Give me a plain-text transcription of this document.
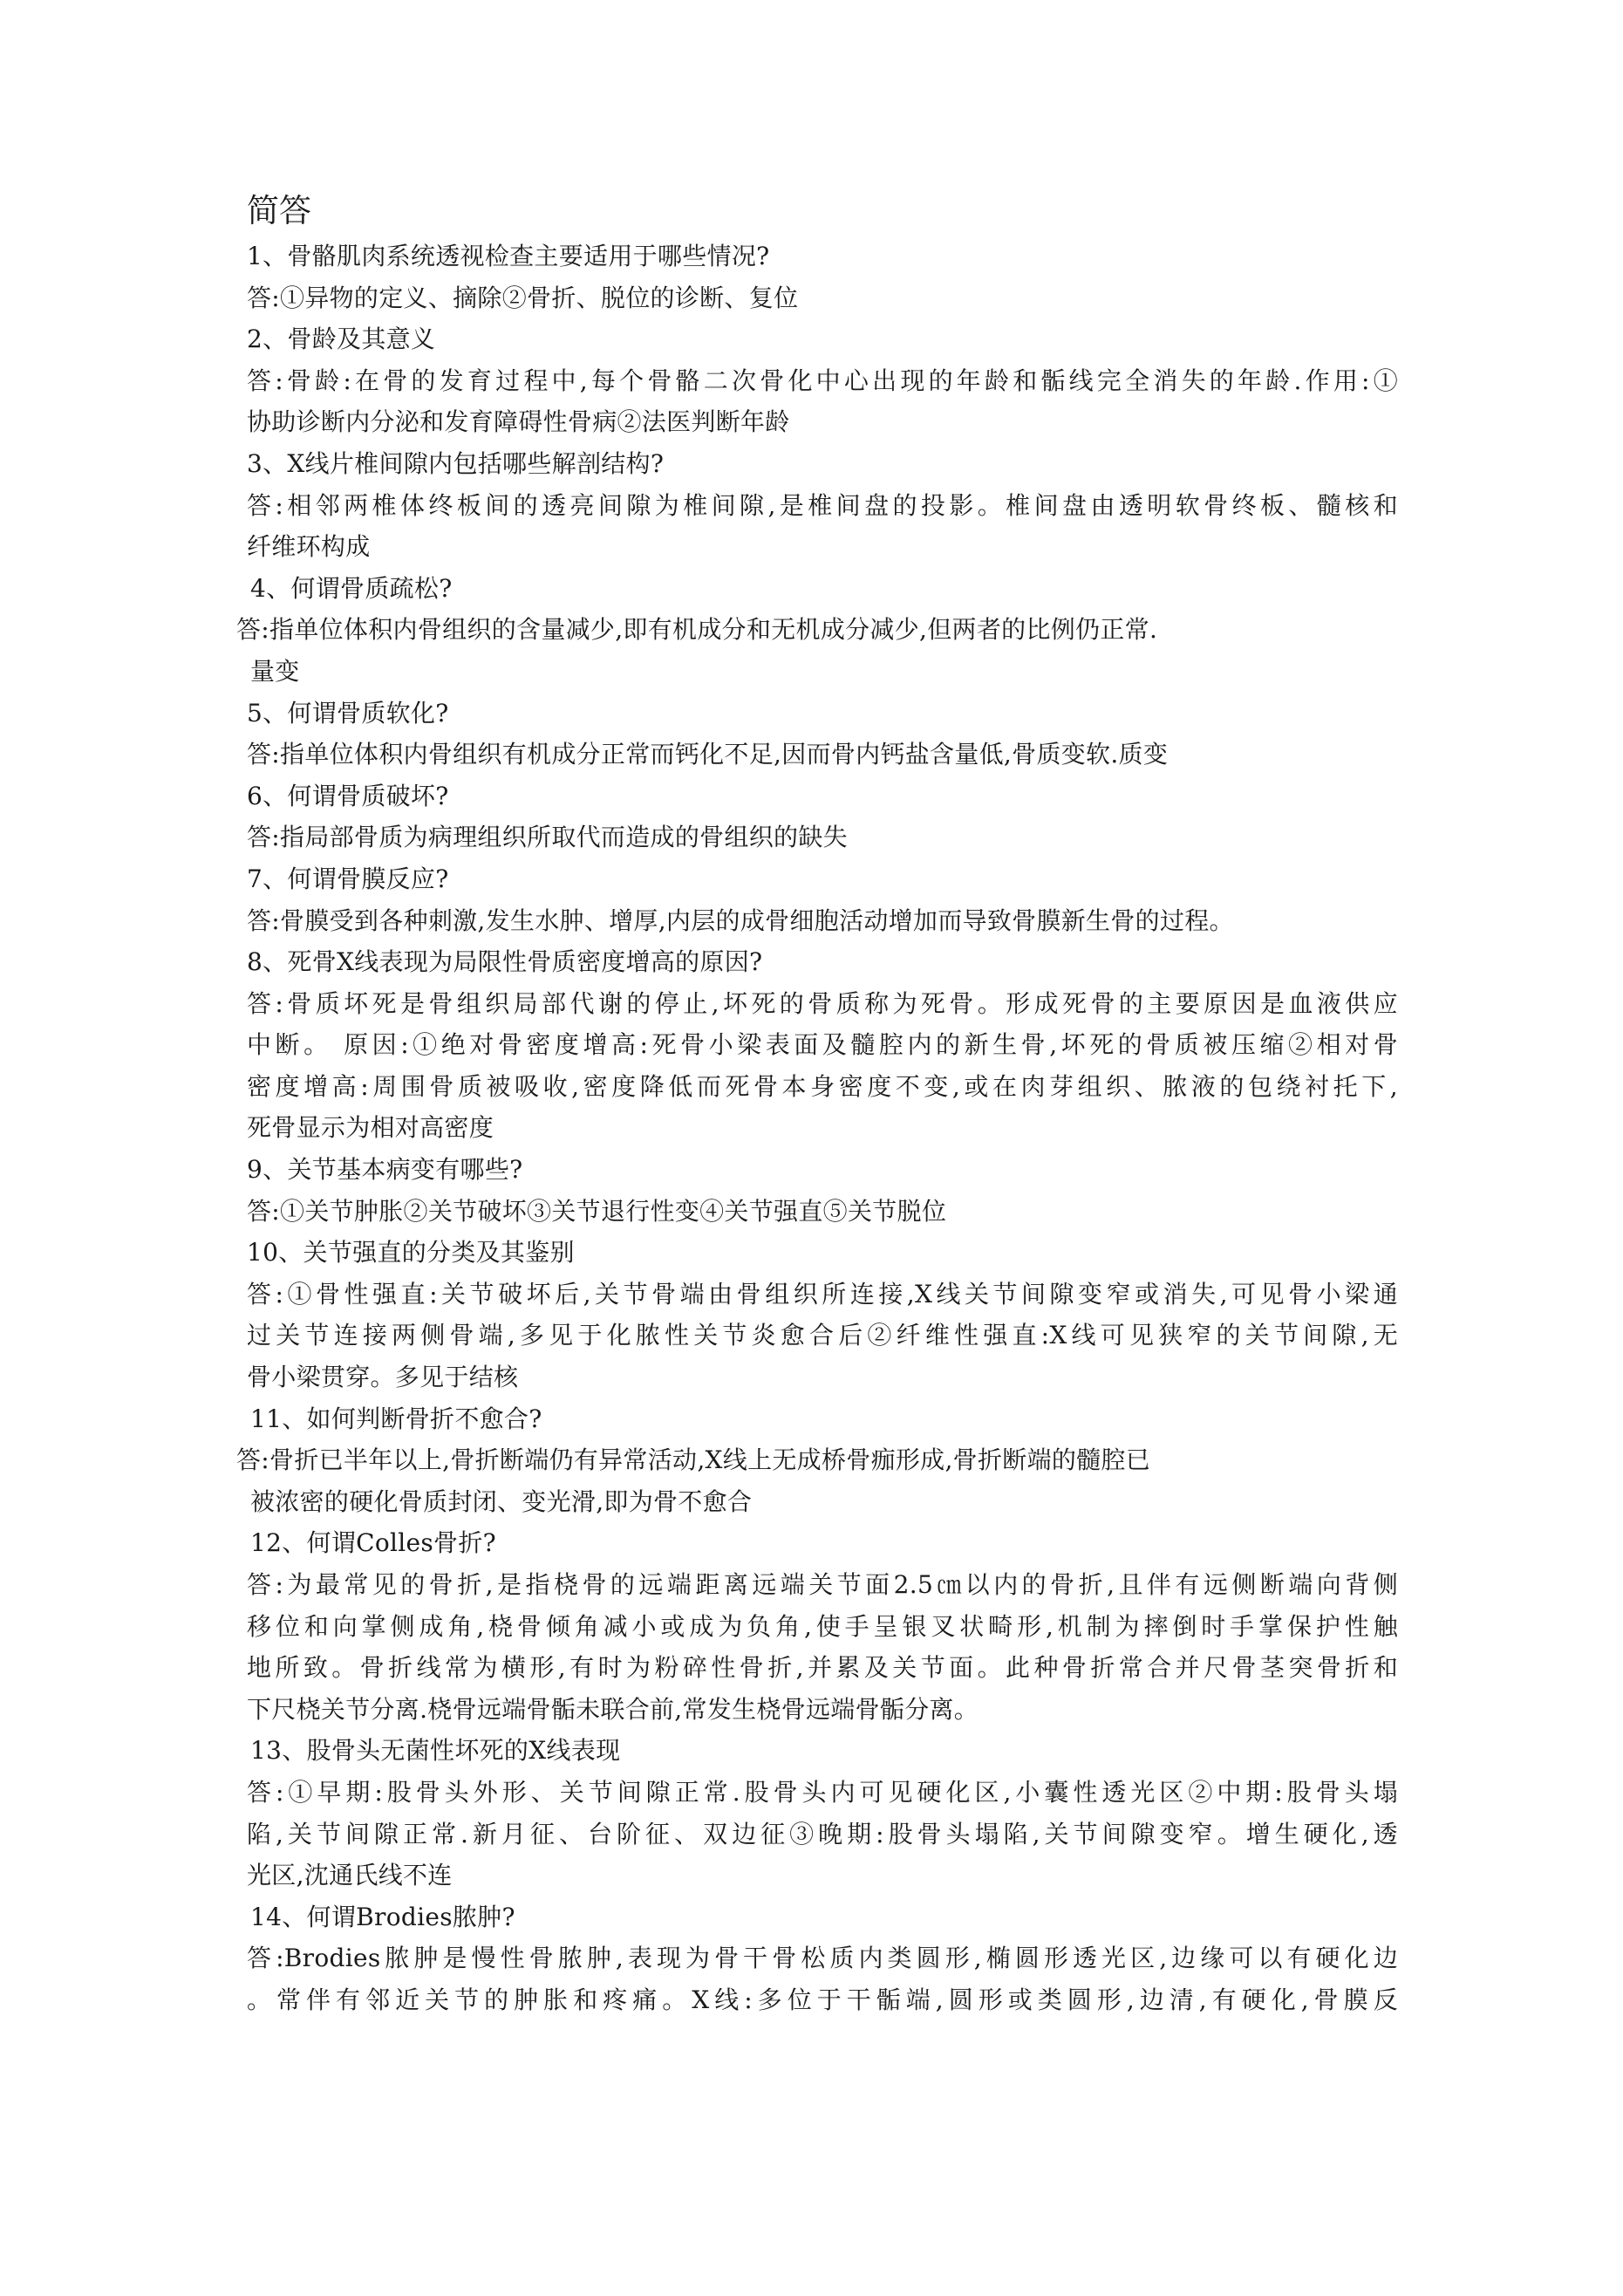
简答
1、骨骼肌肉系统透视检查主要适用于哪些情况?
答:①异物的定义、摘除②骨折、脱位的诊断、复位
2、骨龄及其意义
答:骨龄:在骨的发育过程中,每个骨骼二次骨化中心出现的年龄和骺线完全消失的年龄.作用:①
协助诊断内分泌和发育障碍性骨病②法医判断年龄
3、X线片椎间隙内包括哪些解剖结构?
答:相邻两椎体终板间的透亮间隙为椎间隙,是椎间盘的投影。椎间盘由透明软骨终板、髓核和
纤维环构成
4、何谓骨质疏松?
答:指单位体积内骨组织的含量减少,即有机成分和无机成分减少,但两者的比例仍正常.
量变
5、何谓骨质软化?
答:指单位体积内骨组织有机成分正常而钙化不足,因而骨内钙盐含量低,骨质变软.质变
6、何谓骨质破坏?
答:指局部骨质为病理组织所取代而造成的骨组织的缺失
7、何谓骨膜反应?
答:骨膜受到各种刺激,发生水肿、增厚,内层的成骨细胞活动增加而导致骨膜新生骨的过程。
8、死骨X线表现为局限性骨质密度增高的原因?
答:骨质坏死是骨组织局部代谢的停止,坏死的骨质称为死骨。形成死骨的主要原因是血液供应
中断。 原因:①绝对骨密度增高:死骨小梁表面及髓腔内的新生骨,坏死的骨质被压缩②相对骨
密度增高:周围骨质被吸收,密度降低而死骨本身密度不变,或在肉芽组织、脓液的包绕衬托下,
死骨显示为相对高密度
9、关节基本病变有哪些?
答:①关节肿胀②关节破坏③关节退行性变④关节强直⑤关节脱位
10、关节强直的分类及其鉴别
答:①骨性强直:关节破坏后,关节骨端由骨组织所连接,X线关节间隙变窄或消失,可见骨小梁通
过关节连接两侧骨端,多见于化脓性关节炎愈合后②纤维性强直:X线可见狭窄的关节间隙,无
骨小梁贯穿。多见于结核
11、如何判断骨折不愈合?
答:骨折已半年以上,骨折断端仍有异常活动,X线上无成桥骨痂形成,骨折断端的髓腔已
被浓密的硬化骨质封闭、变光滑,即为骨不愈合
12、何谓Colles骨折?
答:为最常见的骨折,是指桡骨的远端距离远端关节面2.5㎝以内的骨折,且伴有远侧断端向背侧
移位和向掌侧成角,桡骨倾角减小或成为负角,使手呈银叉状畸形,机制为摔倒时手掌保护性触
地所致。骨折线常为横形,有时为粉碎性骨折,并累及关节面。此种骨折常合并尺骨茎突骨折和
下尺桡关节分离.桡骨远端骨骺未联合前,常发生桡骨远端骨骺分离。
13、股骨头无菌性坏死的X线表现
答:①早期:股骨头外形、关节间隙正常.股骨头内可见硬化区,小囊性透光区②中期:股骨头塌
陷,关节间隙正常.新月征、台阶征、双边征③晚期:股骨头塌陷,关节间隙变窄。增生硬化,透
光区,沈通氏线不连
14、何谓Brodies脓肿?
答:Brodies脓肿是慢性骨脓肿,表现为骨干骨松质内类圆形,椭圆形透光区,边缘可以有硬化边
。常伴有邻近关节的肿胀和疼痛。X线:多位于干骺端,圆形或类圆形,边清,有硬化,骨膜反
